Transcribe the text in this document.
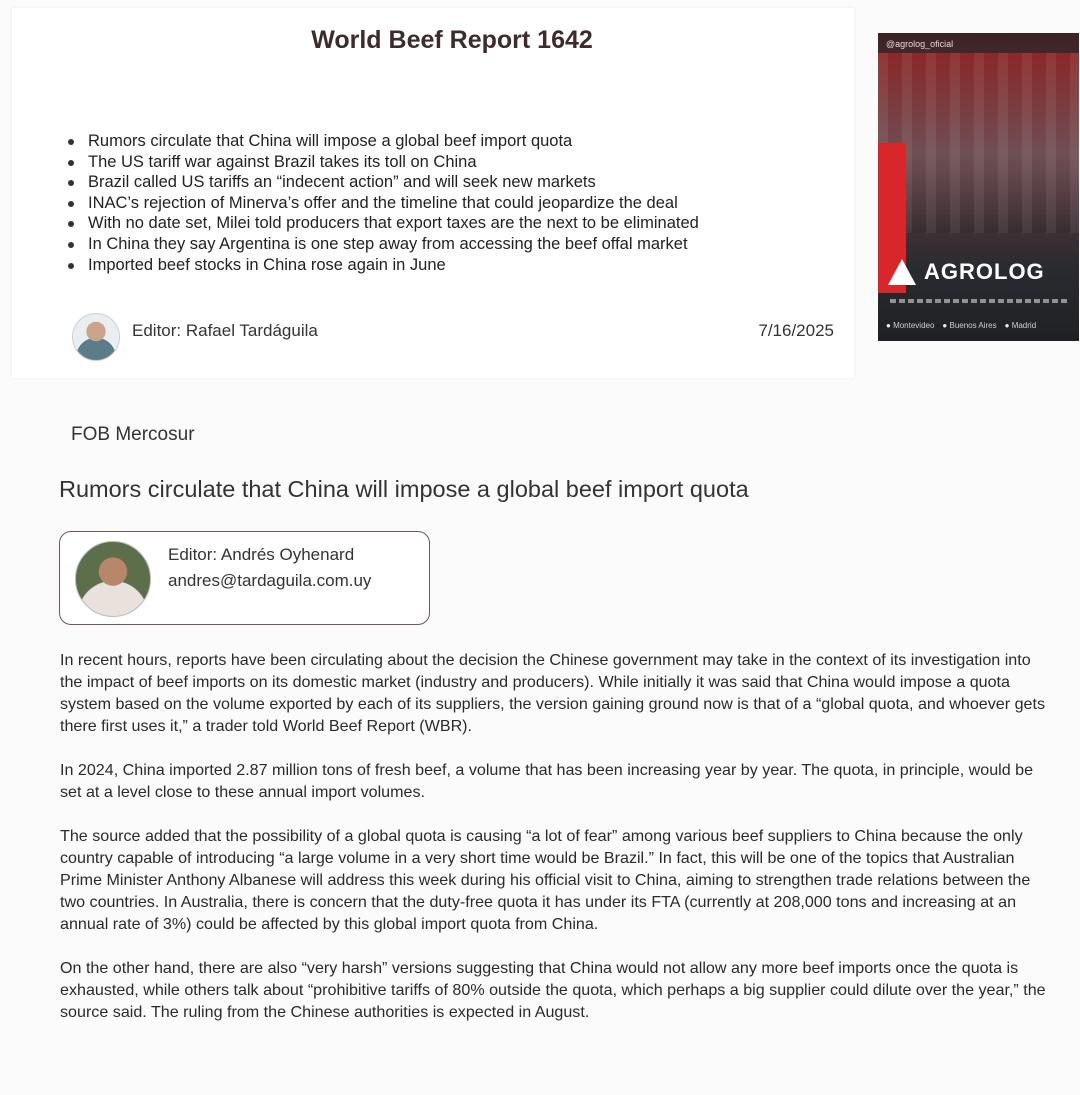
World Beef Report 1642
Rumors circulate that China will impose a global beef import quota
The US tariff war against Brazil takes its toll on China
Brazil called US tariffs an “indecent action” and will seek new markets
INAC’s rejection of Minerva’s offer and the timeline that could jeopardize the deal
With no date set, Milei told producers that export taxes are the next to be eliminated
In China they say Argentina is one step away from accessing the beef offal market
Imported beef stocks in China rose again in June
Editor: Rafael Tardáguila	7/16/2025
@agrolog_oficial
AGROLOG
● Montevideo	● Buenos Aires	● Madrid
FOB Mercosur
Rumors circulate that China will impose a global beef import quota
Editor: Andrés Oyhenard
andres@tardaguila.com.uy

In recent hours, reports have been circulating about the decision the Chinese government may take in the context of its investigation into the impact of beef imports on its domestic market (industry and producers). While initially it was said that China would impose a quota system based on the volume exported by each of its suppliers, the version gaining ground now is that of a “global quota, and whoever gets there first uses it,” a trader told World Beef Report (WBR).

In 2024, China imported 2.87 million tons of fresh beef, a volume that has been increasing year by year. The quota, in principle, would be set at a level close to these annual import volumes.

The source added that the possibility of a global quota is causing “a lot of fear” among various beef suppliers to China because the only country capable of introducing “a large volume in a very short time would be Brazil.” In fact, this will be one of the topics that Australian Prime Minister Anthony Albanese will address this week during his official visit to China, aiming to strengthen trade relations between the two countries. In Australia, there is concern that the duty-free quota it has under its FTA (currently at 208,000 tons and increasing at an annual rate of 3%) could be affected by this global import quota from China.

On the other hand, there are also “very harsh” versions suggesting that China would not allow any more beef imports once the quota is exhausted, while others talk about “prohibitive tariffs of 80% outside the quota, which perhaps a big supplier could dilute over the year,” the source said. The ruling from the Chinese authorities is expected in August.
